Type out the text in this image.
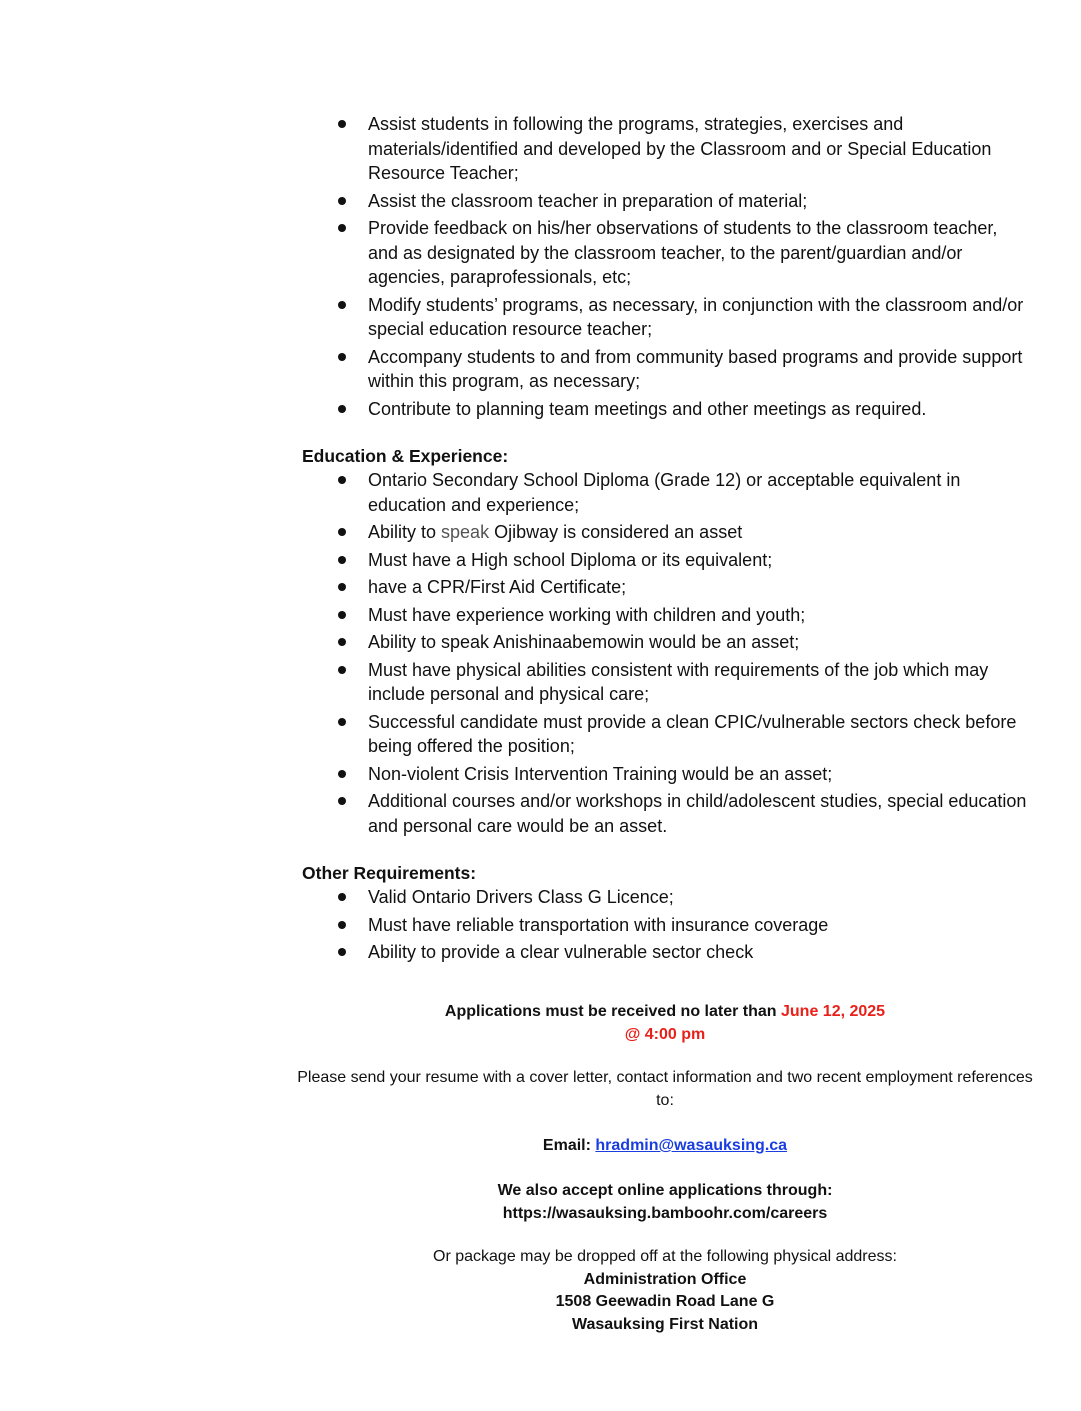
Assist students in following the programs, strategies, exercises and materials/identified and developed by the Classroom and or Special Education Resource Teacher;
Assist the classroom teacher in preparation of material;
Provide feedback on his/her observations of students to the classroom teacher, and as designated by the classroom teacher, to the parent/guardian and/or agencies, paraprofessionals, etc;
Modify students’ programs, as necessary, in conjunction with the classroom and/or special education resource teacher;
Accompany students to and from community based programs and provide support within this program, as necessary;
Contribute to planning team meetings and other meetings as required.

Education & Experience:

Ontario Secondary School Diploma (Grade 12) or acceptable equivalent in education and experience;
Ability to speak Ojibway is considered an asset
Must have a High school Diploma or its equivalent;
have a CPR/First Aid Certificate;
Must have experience working with children and youth;
Ability to speak Anishinaabemowin would be an asset;
Must have physical abilities consistent with requirements of the job which may include personal and physical care;
Successful candidate must provide a clean CPIC/vulnerable sectors check before being offered the position;
Non-violent Crisis Intervention Training would be an asset;
Additional courses and/or workshops in child/adolescent studies, special education and personal care would be an asset.

Other Requirements:

Valid Ontario Drivers Class G Licence;
Must have reliable transportation with insurance coverage
Ability to provide a clear vulnerable sector check
Applications must be received no later than June 12, 2025
@ 4:00 pm
Please send your resume with a cover letter, contact information and two recent employment references to:
Email: hradmin@wasauksing.ca
We also accept online applications through:
https://wasauksing.bamboohr.com/careers
Or package may be dropped off at the following physical address:
Administration Office
1508 Geewadin Road Lane G
Wasauksing First Nation
